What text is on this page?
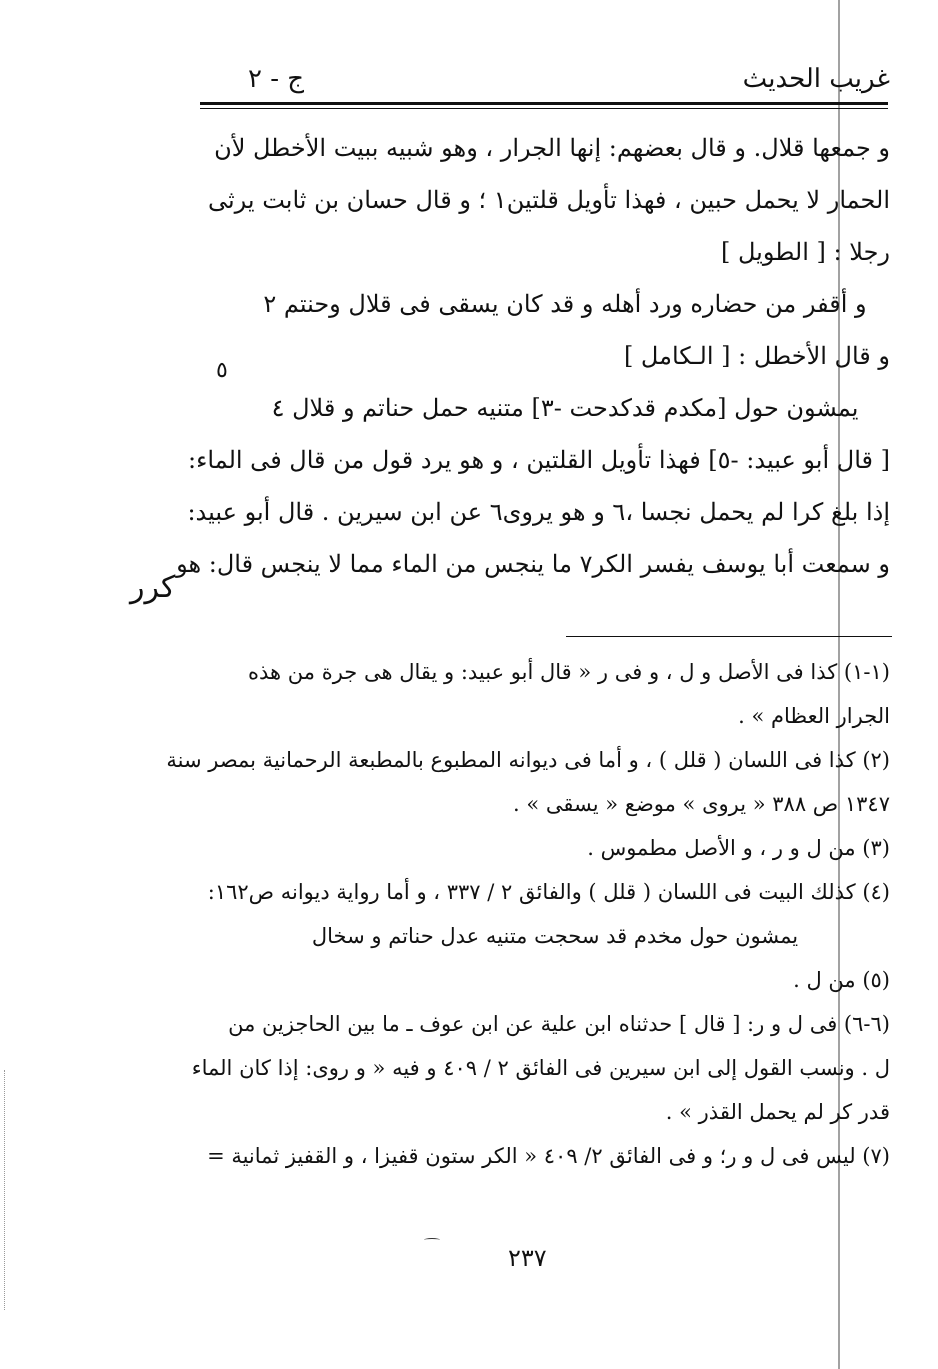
غريب الحديث
ج - ٢
و جمعها قلال. و قال بعضهم: إنها الجرار ، وهو شبيه ببيت الأخطل لأن
الحمار لا يحمل حبين ، فهذا تأويل قلتين١ ؛ و قال حسان بن ثابت يرثى
رجلا : [ الطويل ]
و أقفر من حضاره ورد أهله و قد كان يسقى فى قلال وحنتم ٢
و قال الأخطل : [ الـكامل ]
يمشون حول [مكدم قدكدحت -٣] متنيه حمل حناتم و قلال ٤
[ قال أبو عبيد: -٥] فهذا تأويل القلتين ، و هو يرد قول من قال فى الماء:
إذا بلغ كرا لم يحمل نجسا ،٦ و هو يروى٦ عن ابن سيرين . قال أبو عبيد:
و سمعت أبا يوسف يفسر الكر٧ ما ينجس من الماء مما لا ينجس قال: هو
٥
كرر
(١-١) كذا فى الأصل و ل ، و فى ر « قال أبو عبيد: و يقال هى جرة من هذه
الجرار العظام » .
(٢) كذا فى اللسان ( قلل ) ، و أما فى ديوانه المطبوع بالمطبعة الرحمانية بمصر سنة
١٣٤٧ ص ٣٨٨ « يروى » موضع « يسقى » .
(٣) من ل و ر ، و الأصل مطموس .
(٤) كذلك البيت فى اللسان ( قلل ) والفائق ٢ / ٣٣٧ ، و أما رواية ديوانه ص١٦٢:
يمشون حول مخدم قد سحجت متنيه عدل حناتم و سخال
(٥) من ل .
(٦-٦) فى ل و ر: [ قال ] حدثناه ابن علية عن ابن عوف ـ ما بين الحاجزين من
ل . ونسب القول إلى ابن سيرين فى الفائق ٢ / ٤٠٩ و فيه « و روى: إذا كان الماء
قدر كر لم يحمل القذر » .
(٧) ليس فى ل و ر؛ و فى الفائق ٢/ ٤٠٩ « الكر ستون قفيزا ، و القفيز ثمانية =
٢٣٧
